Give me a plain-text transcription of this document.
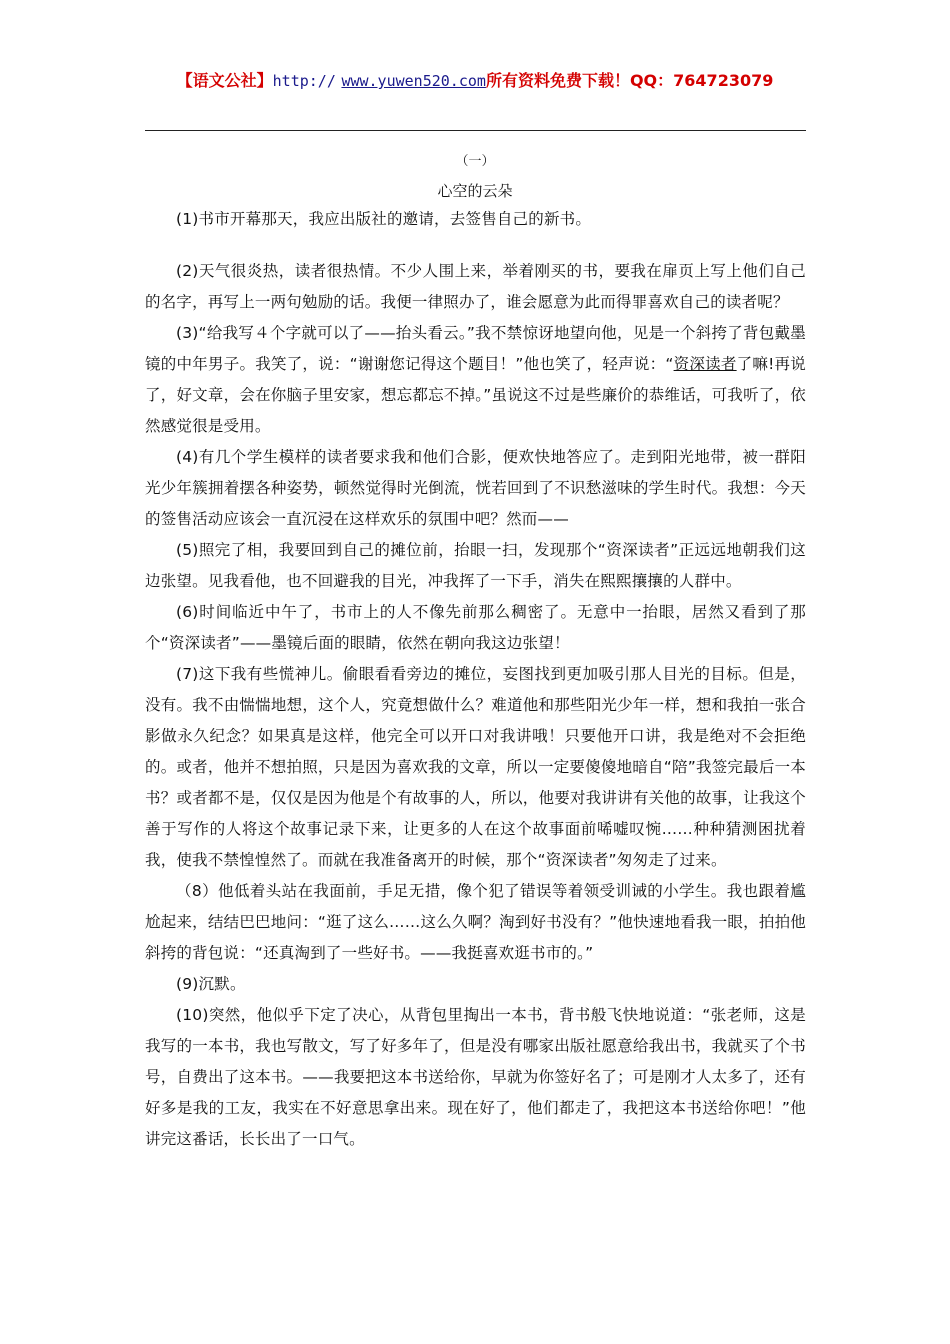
【语文公社】http:// www.yuwen520.com所有资料免费下载！QQ：764723079
（一）
心空的云朵

(1)书市开幕那天，我应出版社的邀请，去签售自己的新书。

(2)天气很炎热，读者很热情。不少人围上来，举着刚买的书，要我在扉页上写上他们自己的名字，再写上一两句勉励的话。我便一律照办了，谁会愿意为此而得罪喜欢自己的读者呢？

(3)“给我写４个字就可以了——抬头看云。”我不禁惊讶地望向他，见是一个斜挎了背包戴墨镜的中年男子。我笑了，说：“谢谢您记得这个题目！”他也笑了，轻声说：“资深读者了嘛!再说了，好文章，会在你脑子里安家，想忘都忘不掉。”虽说这不过是些廉价的恭维话，可我听了，依然感觉很是受用。

(4)有几个学生模样的读者要求我和他们合影，便欢快地答应了。走到阳光地带，被一群阳光少年簇拥着摆各种姿势，顿然觉得时光倒流，恍若回到了不识愁滋味的学生时代。我想：今天的签售活动应该会一直沉浸在这样欢乐的氛围中吧？然而——

(5)照完了相，我要回到自己的摊位前，抬眼一扫，发现那个“资深读者”正远远地朝我们这边张望。见我看他，也不回避我的目光，冲我挥了一下手，消失在熙熙攘攘的人群中。

(6)时间临近中午了，书市上的人不像先前那么稠密了。无意中一抬眼，居然又看到了那个“资深读者”——墨镜后面的眼睛，依然在朝向我这边张望！

(7)这下我有些慌神儿。偷眼看看旁边的摊位，妄图找到更加吸引那人目光的目标。但是，没有。我不由惴惴地想，这个人，究竟想做什么？难道他和那些阳光少年一样，想和我拍一张合影做永久纪念？如果真是这样，他完全可以开口对我讲哦！只要他开口讲，我是绝对不会拒绝的。或者，他并不想拍照，只是因为喜欢我的文章，所以一定要傻傻地暗自“陪”我签完最后一本书？或者都不是，仅仅是因为他是个有故事的人，所以，他要对我讲讲有关他的故事，让我这个善于写作的人将这个故事记录下来，让更多的人在这个故事面前唏嘘叹惋……种种猜测困扰着我，使我不禁惶惶然了。而就在我准备离开的时候，那个“资深读者”匆匆走了过来。

（8）他低着头站在我面前，手足无措，像个犯了错误等着领受训诫的小学生。我也跟着尴尬起来，结结巴巴地问：“逛了这么……这么久啊？淘到好书没有？”他快速地看我一眼，拍拍他斜挎的背包说：“还真淘到了一些好书。——我挺喜欢逛书市的。”

(9)沉默。

(10)突然，他似乎下定了决心，从背包里掏出一本书，背书般飞快地说道：“张老师，这是我写的一本书，我也写散文，写了好多年了，但是没有哪家出版社愿意给我出书，我就买了个书号，自费出了这本书。——我要把这本书送给你，早就为你签好名了；可是刚才人太多了，还有好多是我的工友，我实在不好意思拿出来。现在好了，他们都走了，我把这本书送给你吧！”他讲完这番话，长长出了一口气。
